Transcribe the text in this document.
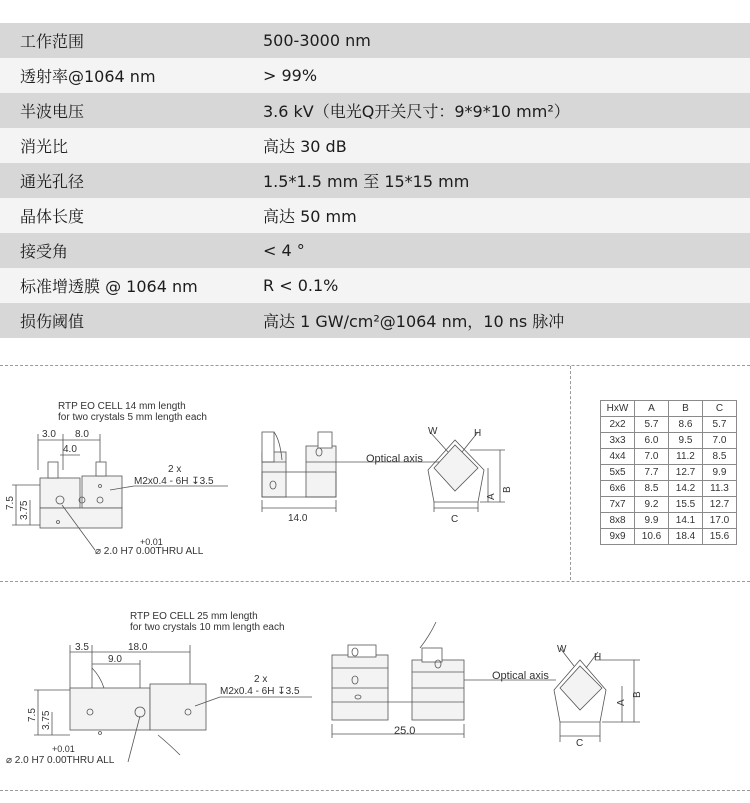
工作范围	500-3000 nm
透射率@1064 nm	> 99%
半波电压	3.6 kV（电光Q开关尺寸：9*9*10 mm²）
消光比	高达 30 dB
通光孔径	1.5*1.5 mm 至 15*15 mm
晶体长度	高达 50 mm
接受角	< 4 °
标准增透膜 @ 1064 nm	R < 0.1%
损伤阈值	高达 1 GW/cm²@1064 nm，10 ns 脉冲
RTP EO CELL 14 mm length
for two crystals 5 mm length each
3.0 8.0
4.0
7.5 3.75
2 x
M2x0.4 - 6H ↧3.5
+0.01
⌀ 2.0 H7 0.00THRU ALL
14.0
Optical axis
C
B
A
W	H
RTP EO CELL 25 mm length
for two crystals 10 mm length each
3.5	18.0
9.0
7.5 3.75
2 x
M2x0.4 - 6H ↧3.5
+0.01
⌀ 2.0 H7 0.00THRU ALL
25.0
Optical axis
C
B
A
W
H
HxW	A	B	C
2x2	5.7	8.6	5.7
3x3	6.0	9.5	7.0
4x4	7.0	11.2	8.5
5x5	7.7	12.7	9.9
6x6	8.5	14.2	11.3
7x7	9.2	15.5	12.7
8x8	9.9	14.1	17.0
9x9	10.6	18.4	15.6
